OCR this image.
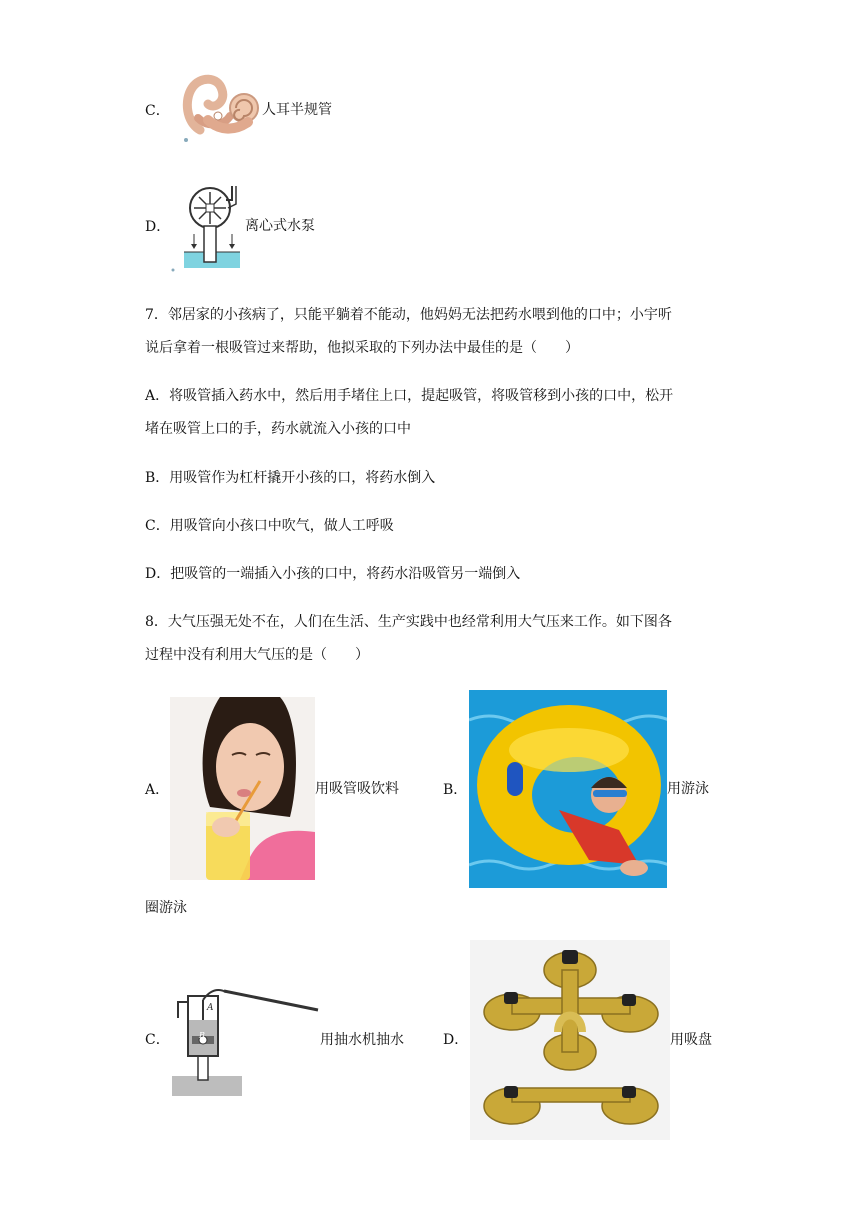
C．	人耳半规管
D．	离心式水泵
7．邻居家的小孩病了，只能平躺着不能动，他妈妈无法把药水喂到他的口中；小宇听
说后拿着一根吸管过来帮助，他拟采取的下列办法中最佳的是（　　）
A．将吸管插入药水中，然后用手堵住上口，提起吸管，将吸管移到小孩的口中，松开
堵在吸管上口的手，药水就流入小孩的口中
B．用吸管作为杠杆撬开小孩的口，将药水倒入
C．用吸管向小孩口中吹气，做人工呼吸
D．把吸管的一端插入小孩的口中，将药水沿吸管另一端倒入
8．大气压强无处不在，人们在生活、生产实践中也经常利用大气压来工作。如下图各
过程中没有利用大气压的是（　　）
A．	用吸管吸饮料	B．	用游泳
圈游泳
C．
A
B	用抽水机抽水	D．	用吸盘
